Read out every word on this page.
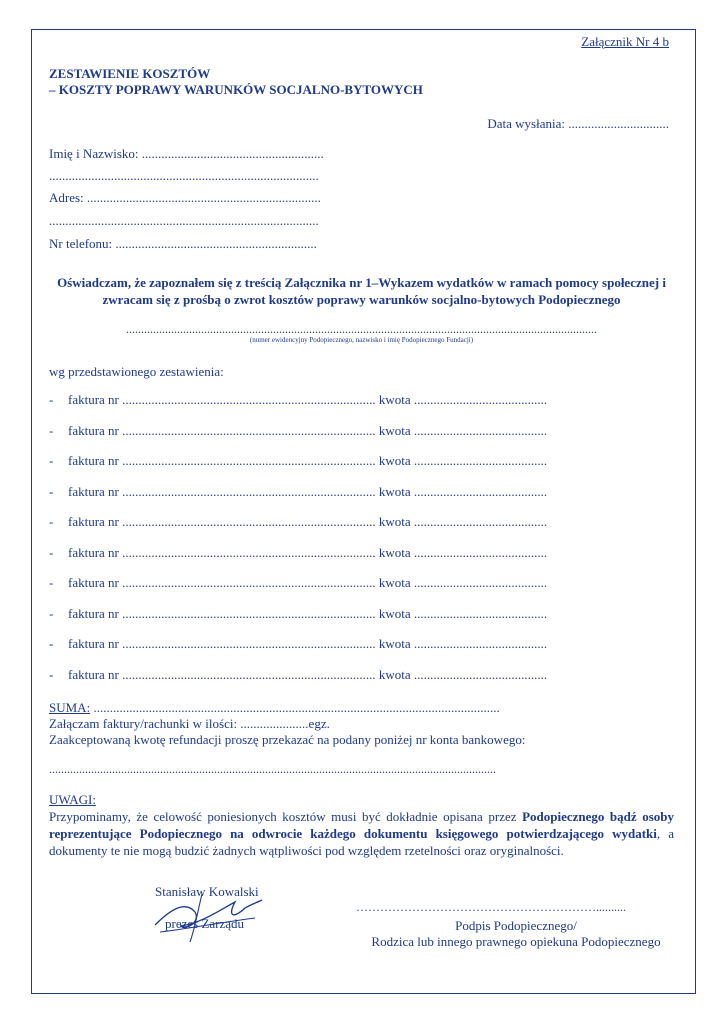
Załącznik Nr 4 b
ZESTAWIENIE KOSZTÓW
– KOSZTY POPRAWY WARUNKÓW SOCJALNO-BYTOWYCH
Data wysłania: ...............................
Imię i Nazwisko: ........................................................
...................................................................................
Adres: ........................................................................
...................................................................................
Nr telefonu: ..............................................................
Oświadczam, że zapoznałem się z treścią Załącznika nr 1–Wykazem wydatków w ramach pomocy społecznej i zwracam się z prośbą o zwrot kosztów poprawy warunków socjalno-bytowych Podopiecznego
.............................................................................................................................................................
(numer ewidencyjny Podopiecznego, nazwisko i imię Podopiecznego Fundacji)
wg przedstawionego zestawienia:
- faktura nr .............................................................................. kwota .........................................
- faktura nr .............................................................................. kwota .........................................
- faktura nr .............................................................................. kwota .........................................
- faktura nr .............................................................................. kwota .........................................
- faktura nr .............................................................................. kwota .........................................
- faktura nr .............................................................................. kwota .........................................
- faktura nr .............................................................................. kwota .........................................
- faktura nr .............................................................................. kwota .........................................
- faktura nr .............................................................................. kwota .........................................
- faktura nr .............................................................................. kwota .........................................
SUMA: .............................................................................................................................
Załączam faktury/rachunki w ilości: .....................egz.
Zaakceptowaną kwotę refundacji proszę przekazać na podany poniżej nr konta bankowego:
.....................................................................................................................................................
UWAGI:
Przypominamy, że celowość poniesionych kosztów musi być dokładnie opisana przez Podopiecznego bądź osoby reprezentujące Podopiecznego na odwrocie każdego dokumentu księgowego potwierdzającego wydatki, a dokumenty te nie mogą budzić żadnych wątpliwości pod względem rzetelności oraz oryginalności.
Stanisław Kowalski
prezes Zarządu
……………………………………………………..........
Podpis Podopiecznego/
Rodzica lub innego prawnego opiekuna Podopiecznego
